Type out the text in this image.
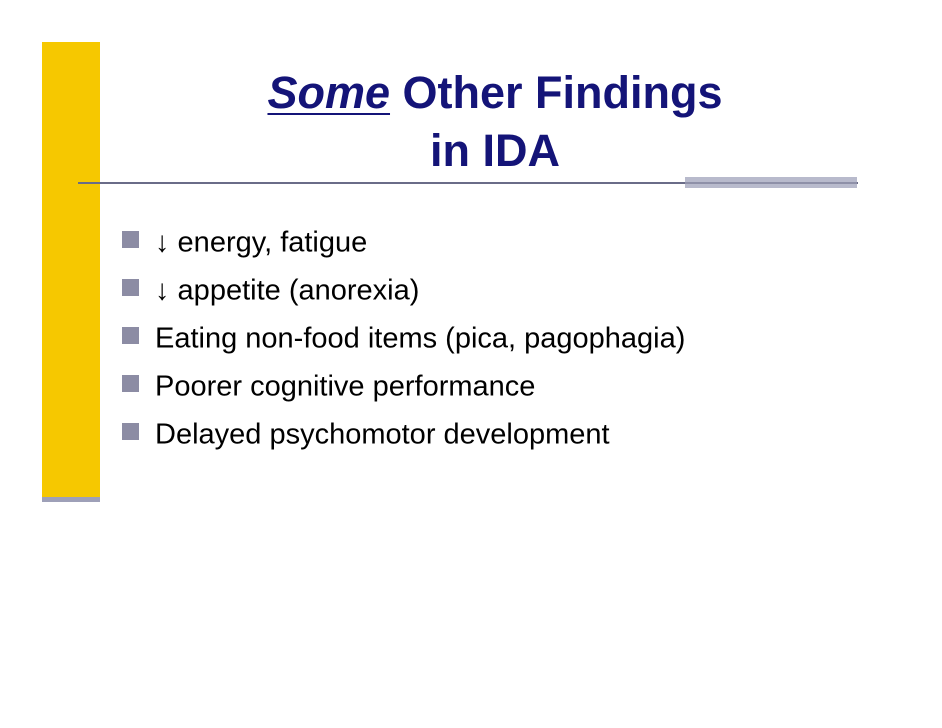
Some Other Findings
in IDA
↓ energy, fatigue
↓ appetite (anorexia)
Eating non-food items (pica, pagophagia)
Poorer cognitive performance
Delayed psychomotor development
